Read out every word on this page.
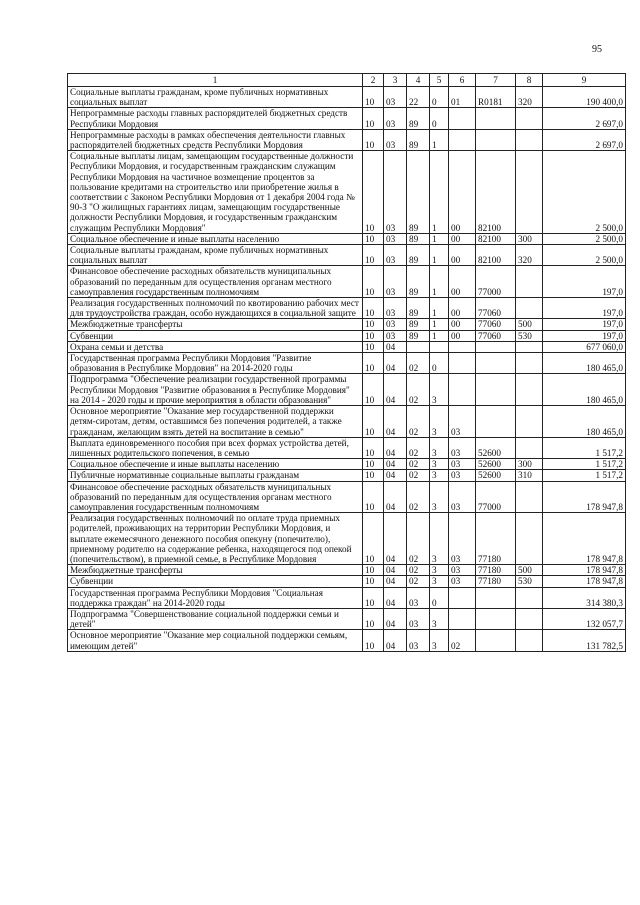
95
1	2	3	4	5	6	7	8	9
Социальные выплаты гражданам, кроме публичных нормативных социальных выплат	10	03	22	0	01	R0181	320	190 400,0
Непрограммные расходы главных распорядителей бюджетных средств Республики Мордовия	10	03	89	0				2 697,0
Непрограммные расходы в рамках обеспечения деятельности главных распорядителей бюджетных средств Республики Мордовия	10	03	89	1				2 697,0
Социальные выплаты лицам, замещающим государственные должности Республики Мордовия, и государственным гражданским служащим Республики Мордовия на частичное возмещение процентов за пользование кредитами на строительство или приобретение жилья в соответствии с Законом Республики Мордовия от 1 декабря 2004 года № 90-З "О жилищных гарантиях лицам, замещающим государственные должности Республики Мордовия, и государственным гражданским служащим Республики Мордовия"	10	03	89	1	00	82100		2 500,0
Социальное обеспечение и иные выплаты населению	10	03	89	1	00	82100	300	2 500,0
Социальные выплаты гражданам, кроме публичных нормативных социальных выплат	10	03	89	1	00	82100	320	2 500,0
Финансовое обеспечение расходных обязательств муниципальных образований по переданным для осуществления органам местного самоуправления государственным полномочиям	10	03	89	1	00	77000		197,0
Реализация государственных полномочий по квотированию рабочих мест для трудоустройства граждан, особо нуждающихся в социальной защите	10	03	89	1	00	77060		197,0
Межбюджетные трансферты	10	03	89	1	00	77060	500	197,0
Субвенции	10	03	89	1	00	77060	530	197,0
Охрана семьи и детства	10	04						677 060,0
Государственная программа Республики Мордовия "Развитие образования в Республике Мордовия" на 2014-2020 годы	10	04	02	0				180 465,0
Подпрограмма "Обеспечение реализации государственной программы Республики Мордовия "Развитие образования в Республике Мордовия" на 2014 - 2020 годы и прочие мероприятия в области образования"	10	04	02	3				180 465,0
Основное мероприятие "Оказание мер государственной поддержки детям-сиротам, детям, оставшимся без попечения родителей, а также гражданам, желающим взять детей на воспитание в семью"	10	04	02	3	03			180 465,0
Выплата единовременного пособия при всех формах устройства детей, лишенных родительского попечения, в семью	10	04	02	3	03	52600		1 517,2
Социальное обеспечение и иные выплаты населению	10	04	02	3	03	52600	300	1 517,2
Публичные нормативные социальные выплаты гражданам	10	04	02	3	03	52600	310	1 517,2
Финансовое обеспечение расходных обязательств муниципальных образований по переданным для осуществления органам местного самоуправления государственным полномочиям	10	04	02	3	03	77000		178 947,8
Реализация государственных полномочий по оплате труда приемных родителей, проживающих на территории Республики Мордовия, и выплате ежемесячного денежного пособия опекуну (попечителю), приемному родителю на содержание ребенка, находящегося под опекой (попечительством), в приемной семье, в Республике Мордовия	10	04	02	3	03	77180		178 947,8
Межбюджетные трансферты	10	04	02	3	03	77180	500	178 947,8
Субвенции	10	04	02	3	03	77180	530	178 947,8
Государственная программа Республики Мордовия "Социальная поддержка граждан" на 2014-2020 годы	10	04	03	0				314 380,3
Подпрограмма "Совершенствование социальной поддержки семьи и детей"	10	04	03	3				132 057,7
Основное мероприятие "Оказание мер социальной поддержки семьям, имеющим детей"	10	04	03	3	02			131 782,5
